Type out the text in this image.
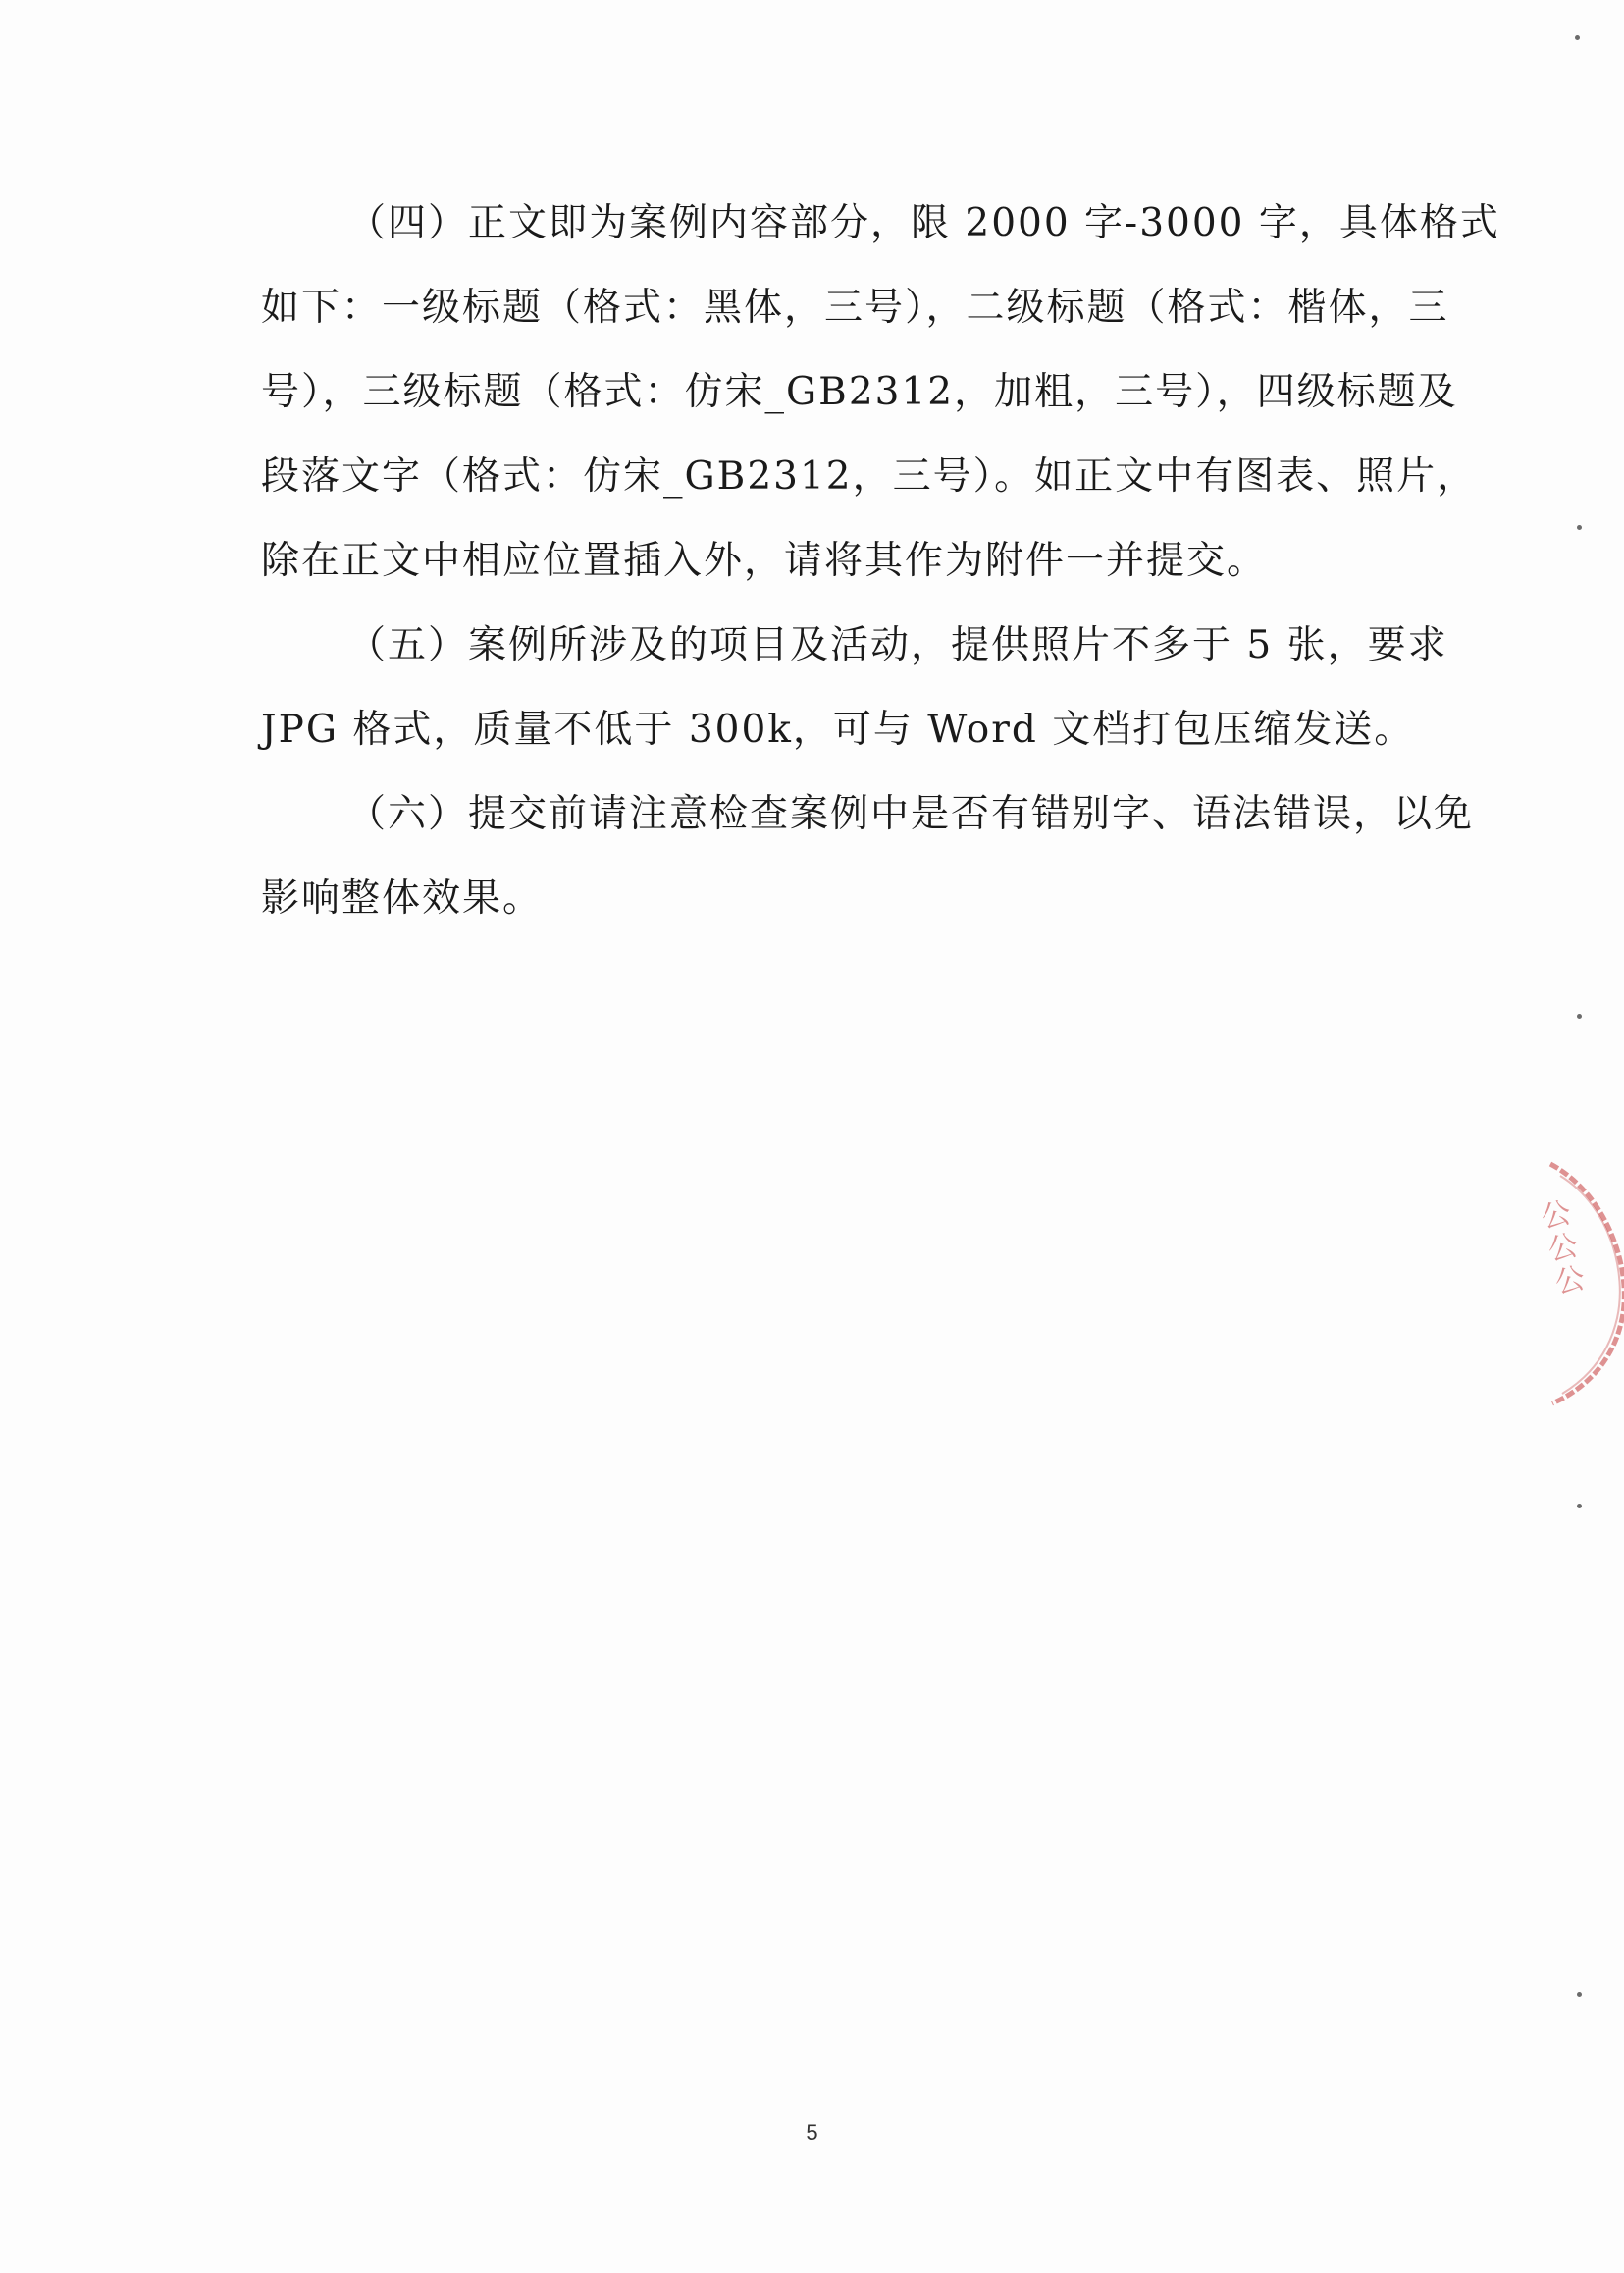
（四）正文即为案例内容部分，限 2000 字-3000 字，具体格式
如下：一级标题（格式：黑体，三号），二级标题（格式：楷体，三
号），三级标题（格式：仿宋_GB2312，加粗，三号），四级标题及
段落文字（格式：仿宋_GB2312，三号）。如正文中有图表、照片，
除在正文中相应位置插入外，请将其作为附件一并提交。

（五）案例所涉及的项目及活动，提供照片不多于 5 张，要求
JPG 格式，质量不低于 300k，可与 Word 文档打包压缩发送。

（六）提交前请注意检查案例中是否有错别字、语法错误，以免
影响整体效果。

公公公
5
